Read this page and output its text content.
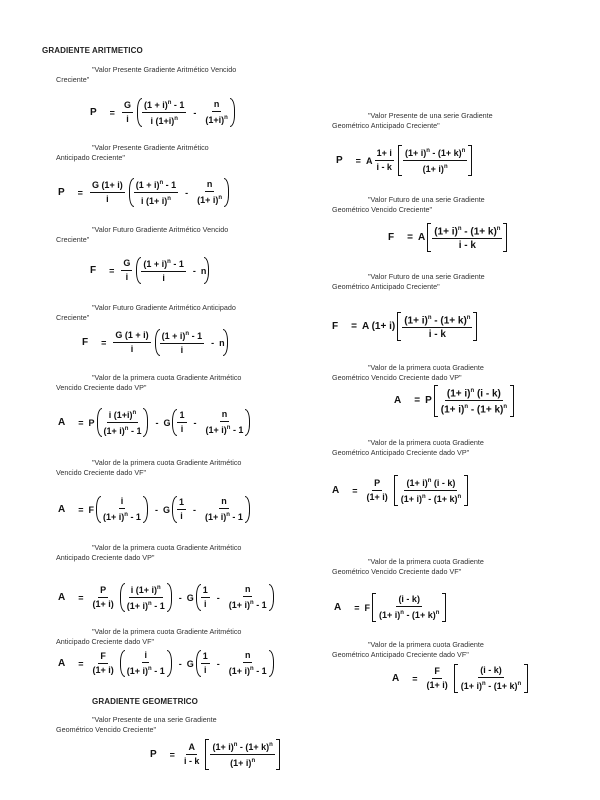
GRADIENTE ARITMETICO
"Valor Presente Gradiente Aritmético Vencido
Creciente"
$P = \frac{G}{i} (1 + i)^n - 1$
i $(1+i)^n$
-
n
$(1+i)^n$
"Valor Presente Gradiente Aritmético
Anticipado Creciente"
$P = \frac{G (1+ i)}{i} (1 + i)^n - 1$
i $(1+ i)^n$
-
n
$(1+ i)^n$
"Valor Futuro Gradiente Aritmético Vencido
Creciente"
$F = \frac{G}{i} (1 + i)^n - 1$
i
- n
"Valor Futuro Gradiente Aritmético Anticipado
Creciente"
$F = \frac{G (1 + i)}{i} (1 + i)^n - 1$
i
- n
"Valor de la primera cuota Gradiente Aritmético
Vencido Creciente dado VP"
A = P
i $(1+i)^n$
$(1+ i)^n - 1$
- G
1
i
-
n
$(1+ i)^n - 1$
"Valor de la primera cuota Gradiente Aritmético
Vencido Creciente dado VF"
A = F
i
$(1+ i)^n - 1$
- G
1
i
-
n
$(1+ i)^n - 1$
"Valor de la primera cuota Gradiente Aritmético
Anticipado Creciente dado VP"
$A = \frac{P}{(1+ i)}$ i $(1+ i)^n$
$(1+ i)^n - 1$
- G
1
i
-
n
$(1+ i)^n - 1$
"Valor de la primera cuota Gradiente Aritmético
Anticipado Creciente dado VF"
$A = \frac{F}{(1+ i)}$	i
$(1+ i)^n - 1$
- G
1
i
-
n
$(1+ i)^n - 1$
GRADIENTE GEOMETRICO
"Valor Presente de una serie Gradiente
Geométrico Vencido Creciente"
$P = \frac{A}{i - k} (1+ i)^n - (1+ k)^n$
$(1+ i)^n$
"Valor Presente de una serie Gradiente
Geométrico Anticipado Creciente"
P = A
1+ i
i - k
$(1+ i)^n - (1+ k)^n$
$(1+ i)^n$
"Valor Futuro de una serie Gradiente
Geométrico Vencido Creciente"
F = A
$(1+ i)^n - (1+ k)^n$
i - k
"Valor Futuro de una serie Gradiente
Geométrico Anticipado Creciente"
F = A (1+ i)
$(1+ i)^n - (1+ k)^n$
i - k
"Valor de la primera cuota Gradiente
Geométrico Vencido Creciente dado VP"
A = P
$(1+ i)^n$ (i - k)
$(1+ i)^n - (1+ k)^n$
"Valor de la primera cuota Gradiente
Geométrico Anticipado Creciente dado VP"
$A = \frac{P}{(1+ i)} (1+ i)^n$ (i - k)
$(1+ i)^n - (1+ k)^n$
"Valor de la primera cuota Gradiente
Geométrico Vencido Creciente dado VF"
A = F
(i - k)
$(1+ i)^n - (1+ k)^n$
"Valor de la primera cuota Gradiente
Geométrico Anticipado Creciente dado VF"
$A = \frac{F}{(1+ i)}$	(i - k)
$(1+ i)^n - (1+ k)^n$
